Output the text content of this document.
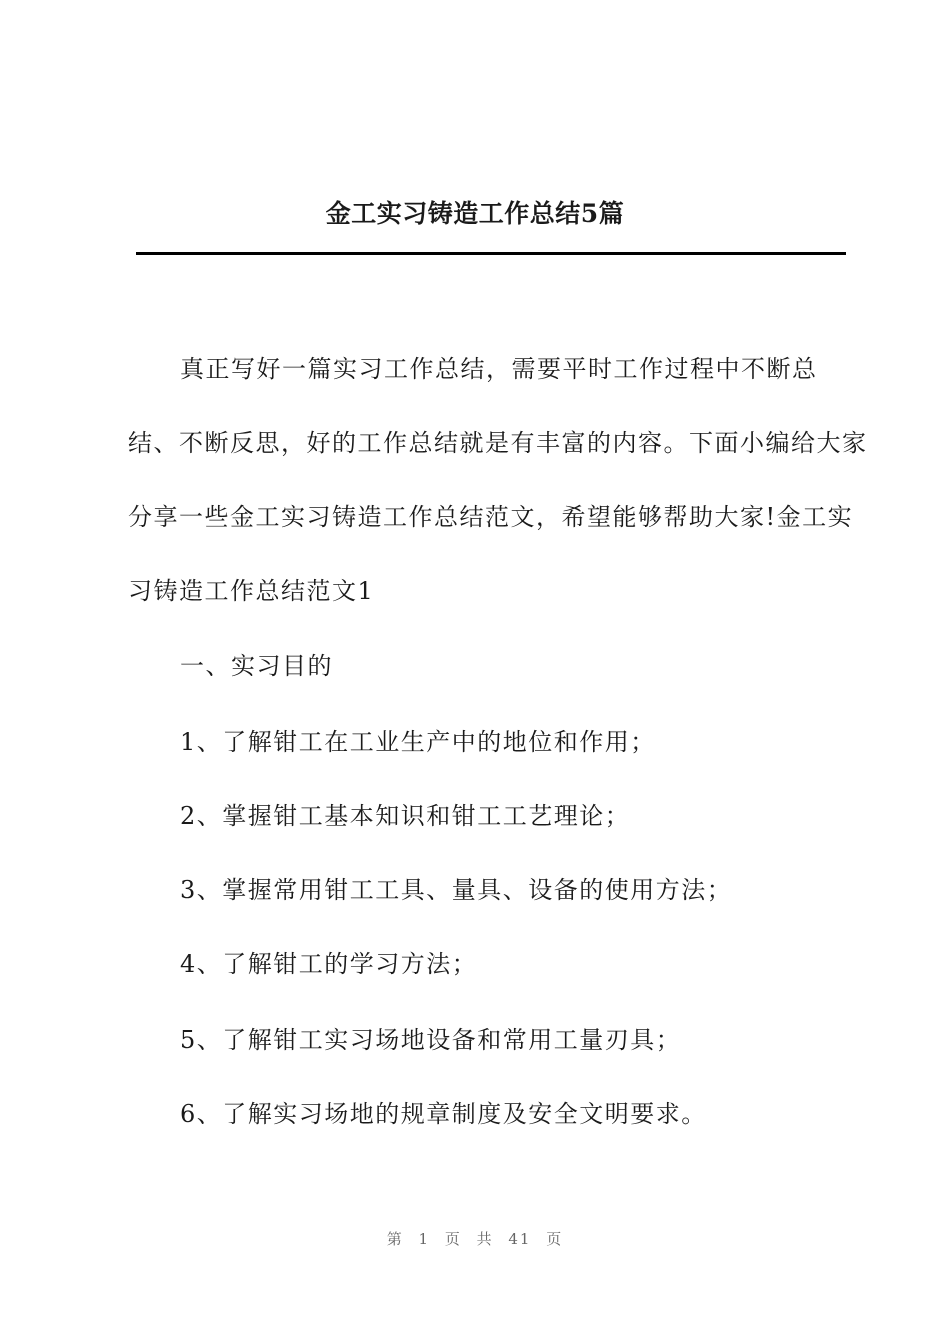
金工实习铸造工作总结5篇
真正写好一篇实习工作总结，需要平时工作过程中不断总结、不断反思，好的工作总结就是有丰富的内容。下面小编给大家分享一些金工实习铸造工作总结范文，希望能够帮助大家!金工实习铸造工作总结范文1
一、实习目的
1、了解钳工在工业生产中的地位和作用；
2、掌握钳工基本知识和钳工工艺理论；
3、掌握常用钳工工具、量具、设备的使用方法；
4、了解钳工的学习方法；
5、了解钳工实习场地设备和常用工量刃具；
6、了解实习场地的规章制度及安全文明要求。
第 1 页 共 41 页
